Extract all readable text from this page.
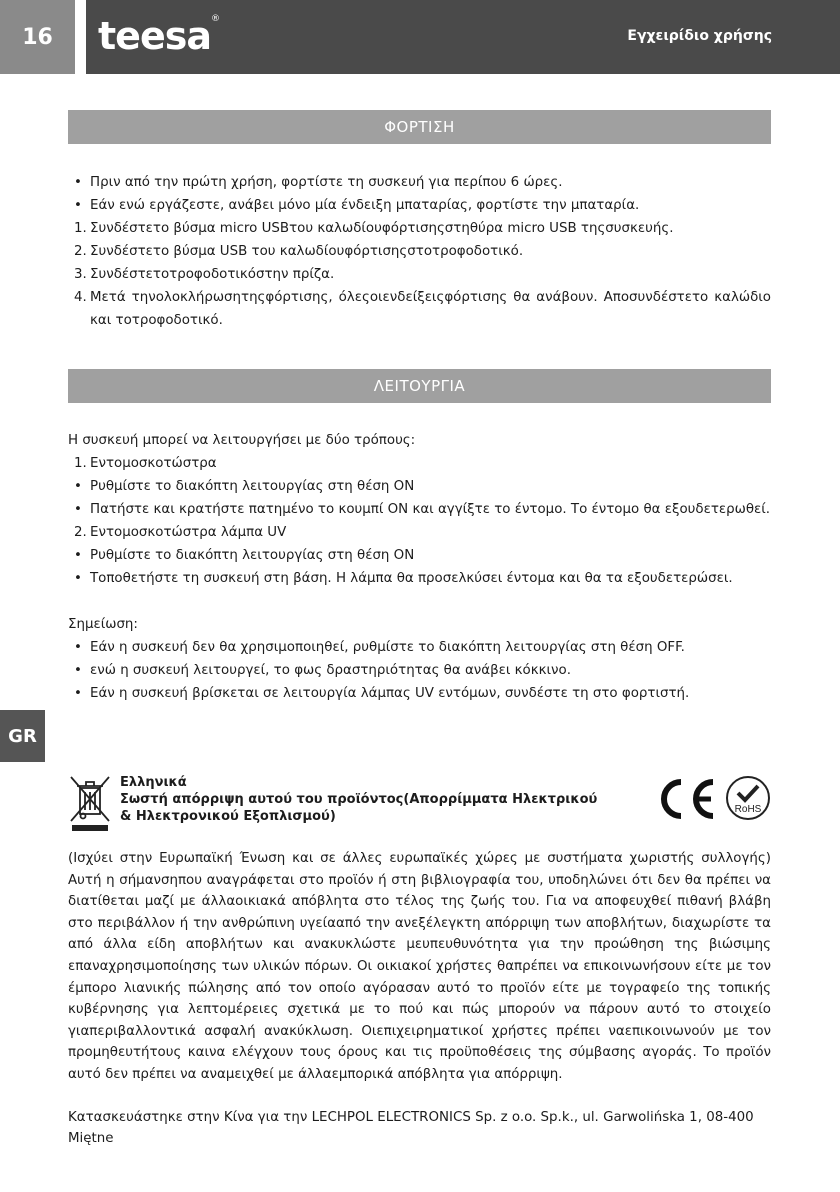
16	teesa®
Εγχειρίδιο χρήσης
GR
ΦΟΡΤΙΣΗ
• Πριν από την πρώτη χρήση, φορτίστε τη συσκευή για περίπου 6 ώρες.
• Εάν ενώ εργάζεστε, ανάβει μόνο μία ένδειξη μπαταρίας, φορτίστε την μπαταρία.
1. Συνδέστετο βύσμα micro USBτου καλωδίουφόρτισηςστηθύρα micro USB τηςσυσκευής.
2. Συνδέστετο βύσμα USB του καλωδίουφόρτισηςστοτροφοδοτικό.
3. Συνδέστετοτροφοδοτικόστην πρίζα.
4. Μετά τηνολοκλήρωσητηςφόρτισης, όλεςοιενδείξειςφόρτισης θα ανάβουν. Αποσυνδέστετο καλώδιο και τοτροφοδοτικό.
ΛΕΙΤΟΥΡΓΙΑ

Η συσκευή μπορεί να λειτουργήσει με δύο τρόπους:

1. Εντομοσκοτώστρα
• Ρυθμίστε το διακόπτη λειτουργίας στη θέση ON
• Πατήστε και κρατήστε πατημένο το κουμπί ON και αγγίξτε το έντομο. Το έντομο θα εξουδετερωθεί.
2. Εντομοσκοτώστρα λάμπα UV
• Ρυθμίστε το διακόπτη λειτουργίας στη θέση ON
• Τοποθετήστε τη συσκευή στη βάση. Η λάμπα θα προσελκύσει έντομα και θα τα εξουδετερώσει.

Σημείωση:

• Εάν η συσκευή δεν θα χρησιμοποιηθεί, ρυθμίστε το διακόπτη λειτουργίας στη θέση OFF.
• ενώ η συσκευή λειτουργεί, το φως δραστηριότητας θα ανάβει κόκκινο.
• Εάν η συσκευή βρίσκεται σε λειτουργία λάμπας UV εντόμων, συνδέστε τη στο φορτιστή.
Ελληνικά
Σωστή απόρριψη αυτού του προϊόντος(Απορρίμματα Ηλεκτρικού
& Ηλεκτρονικού Εξοπλισμού)	RoHS

(Ισχύει στην Ευρωπαϊκή Ένωση και σε άλλες ευρωπαϊκές χώρες με συστήματα χωριστής συλλογής) Αυτή η σήμανσηπου αναγράφεται στο προϊόν ή στη βιβλιογραφία του, υποδηλώνει ότι δεν θα πρέπει να διατίθεται μαζί με άλλαοικιακά απόβλητα στο τέλος της ζωής του. Για να αποφευχθεί πιθανή βλάβη στο περιβάλλον ή την ανθρώπινη υγείααπό την ανεξέλεγκτη απόρριψη των αποβλήτων, διαχωρίστε τα από άλλα είδη αποβλήτων και ανακυκλώστε μευπευθυνότητα για την προώθηση της βιώσιμης επαναχρησιμοποίησης των υλικών πόρων. Οι οικιακοί χρήστες θαπρέπει να επικοινωνήσουν είτε με τον έμπορο λιανικής πώλησης από τον οποίο αγόρασαν αυτό το προϊόν είτε με τογραφείο της τοπικής κυβέρνησης για λεπτομέρειες σχετικά με το πού και πώς μπορούν να πάρουν αυτό το στοιχείο γιαπεριβαλλοντικά ασφαλή ανακύκλωση. Οιεπιχειρηματικοί χρήστες πρέπει ναεπικοινωνούν με τον προμηθευτήτους καινα ελέγχουν τους όρους και τις προϋποθέσεις της σύμβασης αγοράς. Το προϊόν αυτό δεν πρέπει να αναμειχθεί με άλλαεμπορικά απόβλητα για απόρριψη.

Κατασκευάστηκε στην Κίνα για την LECHPOL ELECTRONICS Sp. z o.o. Sp.k., ul. Garwolińska 1, 08-400 Miętne
